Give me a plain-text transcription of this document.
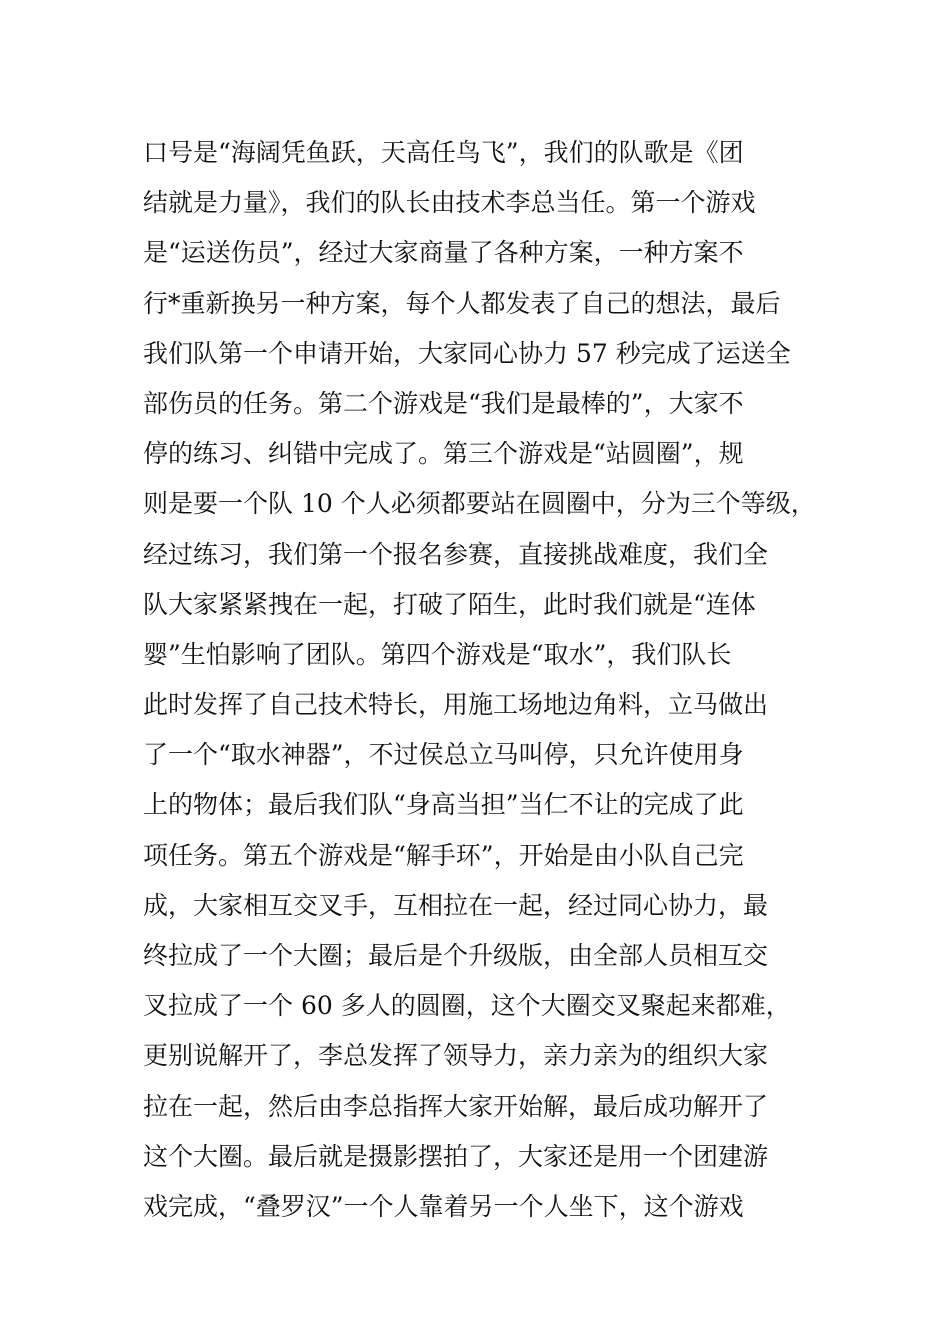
口号是“海阔凭鱼跃，天高任鸟飞”，我们的队歌是《团
结就是力量》，我们的队长由技术李总当任。第一个游戏
是“运送伤员”，经过大家商量了各种方案，一种方案不
行*重新换另一种方案，每个人都发表了自己的想法，最后
我们队第一个申请开始，大家同心协力 57 秒完成了运送全
部伤员的任务。第二个游戏是“我们是最棒的”，大家不
停的练习、纠错中完成了。第三个游戏是“站圆圈”，规
则是要一个队 10 个人必须都要站在圆圈中，分为三个等级，
经过练习，我们第一个报名参赛，直接挑战难度，我们全
队大家紧紧拽在一起，打破了陌生，此时我们就是“连体
婴”生怕影响了团队。第四个游戏是“取水”，我们队长
此时发挥了自己技术特长，用施工场地边角料，立马做出
了一个“取水神器”，不过侯总立马叫停，只允许使用身
上的物体；最后我们队“身高当担”当仁不让的完成了此
项任务。第五个游戏是“解手环”，开始是由小队自己完
成，大家相互交叉手，互相拉在一起，经过同心协力，最
终拉成了一个大圈；最后是个升级版，由全部人员相互交
叉拉成了一个 60 多人的圆圈，这个大圈交叉聚起来都难，
更别说解开了，李总发挥了领导力，亲力亲为的组织大家
拉在一起，然后由李总指挥大家开始解，最后成功解开了
这个大圈。最后就是摄影摆拍了，大家还是用一个团建游
戏完成，“叠罗汉”一个人靠着另一个人坐下，这个游戏
